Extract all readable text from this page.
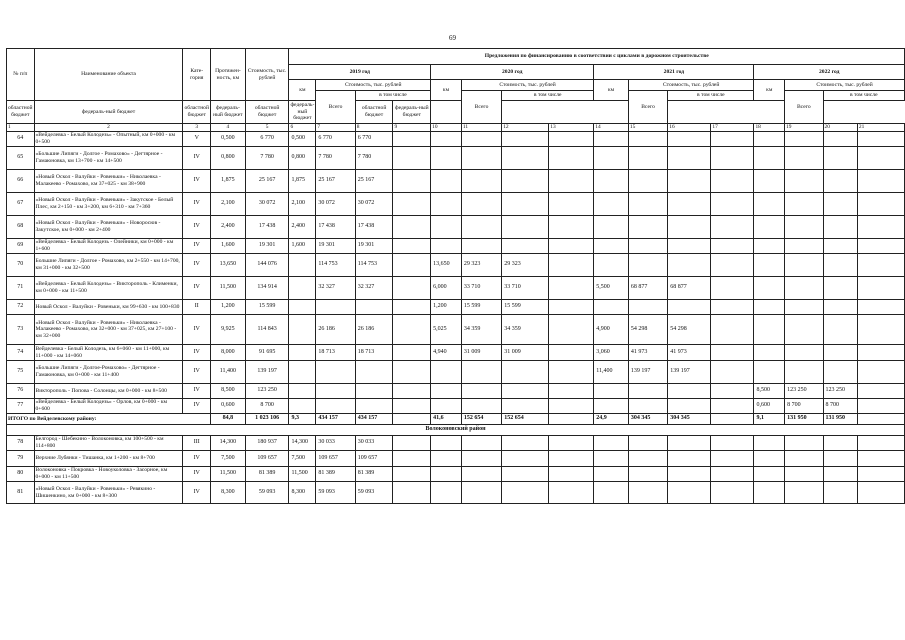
69
№ п/п	Наименование объекта	Кате-гория	Протяжен-ность, км	Стоимость, тыс. рублей	Предложения по финансированию в соответствии с циклами в дорожном строительстве															
					2019 год				2020 год				2021 год				2022 год			
					км	Стоимость, тыс. рублей			км	Стоимость, тыс. рублей			км	Стоимость, тыс. рублей			км	Стоимость, тыс. рублей		
						Всего	в том числе			Всего	в том числе			Всего	в том числе			Всего	в том числе	
областной бюджет	федераль-ный бюджет	областной бюджет	федераль-ный бюджет	областной бюджет	федераль-ный бюджет		областной бюджет	федераль-ный бюджет												
1	2	3	4	5	6	7	8	9	10	11	12	13	14	15	16	17	18	19	20	21
64	«Вейделевка - Белый Колодезь» - Опытный, км 0+000 - км 0+500	V	0,500	6 770	0,500	6 770	6 770													
65	«Большие Липяги - Долгое - Ромахово» - Дегтярное - Гамаюновка, км 13+700 - км 14+500	IV	0,800	7 780	0,800	7 780	7 780													
66	«Новый Оскол - Валуйки - Ровеньки» - Николаевка - Малакеево - Ромахово, км 37+025 - км 38+900	IV	1,875	25 167	1,875	25 167	25 167													
67	«Новый Оскол - Валуйки - Ровеньки» - Закутское - Белый Плес, км 2+150 - км 3+200, км 6+310 - км 7+360	IV	2,100	30 072	2,100	30 072	30 072													
68	«Новый Оскол - Валуйки - Ровеньки» - Новоросюв - Закутское, км 0+000 - км 2+400	IV	2,400	17 438	2,400	17 438	17 438													
69	«Вейделевка - Белый Колодезь - Олейники, км 0+000 - км 1+600	IV	1,600	19 301	1,600	19 301	19 301													
70	Большие Липяги - Долгое - Ромахово, км 2+550 - км 14+700, км 31+000 - км 32+500	IV	13,650	144 076		114 753	114 753		13,650	29 323	29 323									
71	«Вейделевка - Белый Колодезь» - Викторополь - Клименки, км 0+000 - км 11+500	IV	11,500	134 914		32 327	32 327		6,000	33 710	33 710		5,500	68 877	68 877					
72	Новый Оскол - Валуйки - Ровеньки, км 99+630 - км 100+830	II	1,200	15 599					1,200	15 599	15 599									
73	«Новый Оскол - Валуйки - Ровеньки» - Николаевка - Малакеево - Ромахово, км 32+000 - км 37+025, км 27+100 - км 32+000	IV	9,925	114 843		26 186	26 186		5,025	34 359	34 359		4,900	54 298	54 298					
74	Вейделевка - Белый Колодезь, км 6+060 - км 11+000, км 11+000 - км 14+060	IV	8,000	91 695		18 713	18 713		4,940	31 009	31 009		3,060	41 973	41 973					
75	«Большие Липяги - Долгое-Ромахово» - Дегтярное - Гамаюновка, км 0+000 - км 11+400	IV	11,400	139 197									11,400	139 197	139 197					
76	Викторополь - Попова - Солонцы, км 0+000 - км 8+500	IV	8,500	123 250													8,500	123 250	123 250	
77	«Вейделевка - Белый Колодезь» - Орлов, км 0+000 - км 0+600	IV	0,600	8 700													0,600	8 700	8 700	
ИТОГО по Вейделевскому району:			84,8	1 023 106	9,3	434 157	434 157		41,6	152 654	152 654		24,9	304 345	304 345		9,1	131 950	131 950	
Волоконовский район																				
78	Белгород - Шебекино - Волоконовка, км 100+500 - км 114+800	III	14,300	180 937	14,300	30 033	30 033													
79	Верхние Лубянки - Тишанка, км 1+200 - км 8+700	IV	7,500	109 657	7,500	109 657	109 657													
80	Волоконовка - Покровка - Новоуколовка - Засорное, км 0+000 - км 11+500	IV	11,500	81 389	11,500	81 389	81 389													
81	«Новый Оскол - Валуйки - Ровеньки» - Ревякино - Шишенкино, км 0+000 - км 8+300	IV	8,300	59 093	8,300	59 093	59 093													
